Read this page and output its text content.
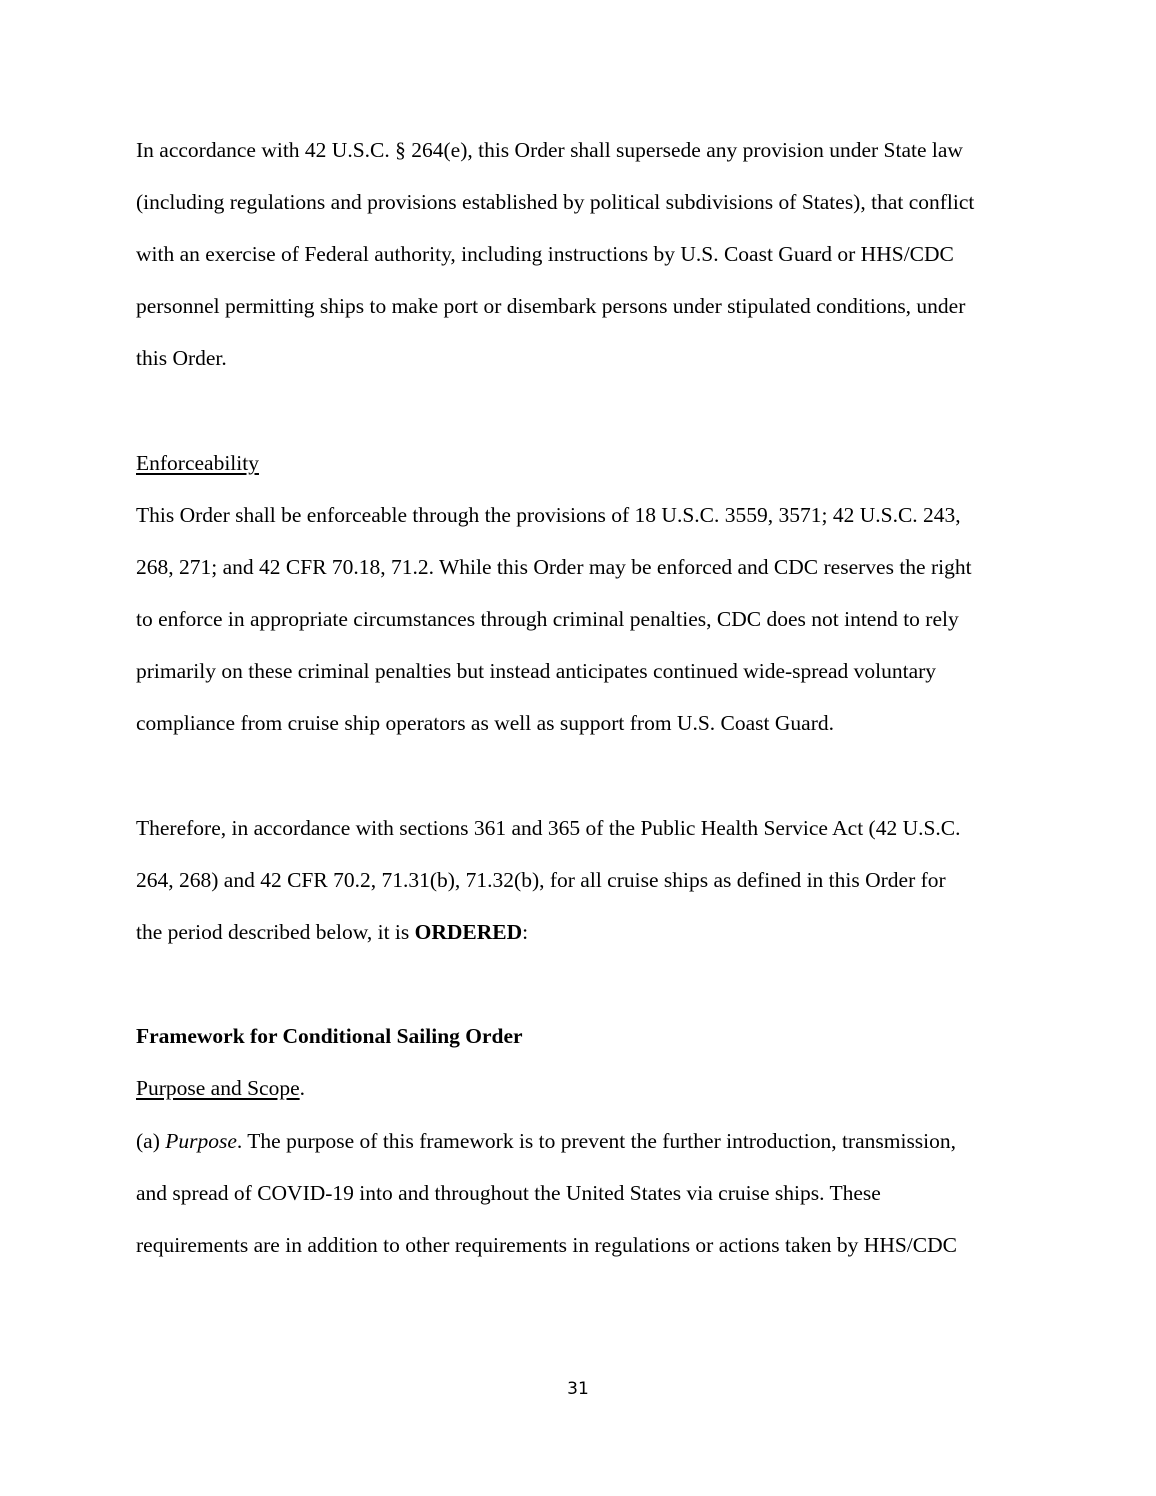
In accordance with 42 U.S.C. § 264(e), this Order shall supersede any provision under State law
(including regulations and provisions established by political subdivisions of States), that conflict
with an exercise of Federal authority, including instructions by U.S. Coast Guard or HHS/CDC
personnel permitting ships to make port or disembark persons under stipulated conditions, under
this Order.
Enforceability
This Order shall be enforceable through the provisions of 18 U.S.C. 3559, 3571; 42 U.S.C. 243,
268, 271; and 42 CFR 70.18, 71.2. While this Order may be enforced and CDC reserves the right
to enforce in appropriate circumstances through criminal penalties, CDC does not intend to rely
primarily on these criminal penalties but instead anticipates continued wide-spread voluntary
compliance from cruise ship operators as well as support from U.S. Coast Guard.
Therefore, in accordance with sections 361 and 365 of the Public Health Service Act (42 U.S.C.
264, 268) and 42 CFR 70.2, 71.31(b), 71.32(b), for all cruise ships as defined in this Order for
the period described below, it is ORDERED:
Framework for Conditional Sailing Order
Purpose and Scope.
(a) Purpose. The purpose of this framework is to prevent the further introduction, transmission,
and spread of COVID-19 into and throughout the United States via cruise ships. These
requirements are in addition to other requirements in regulations or actions taken by HHS/CDC
31
